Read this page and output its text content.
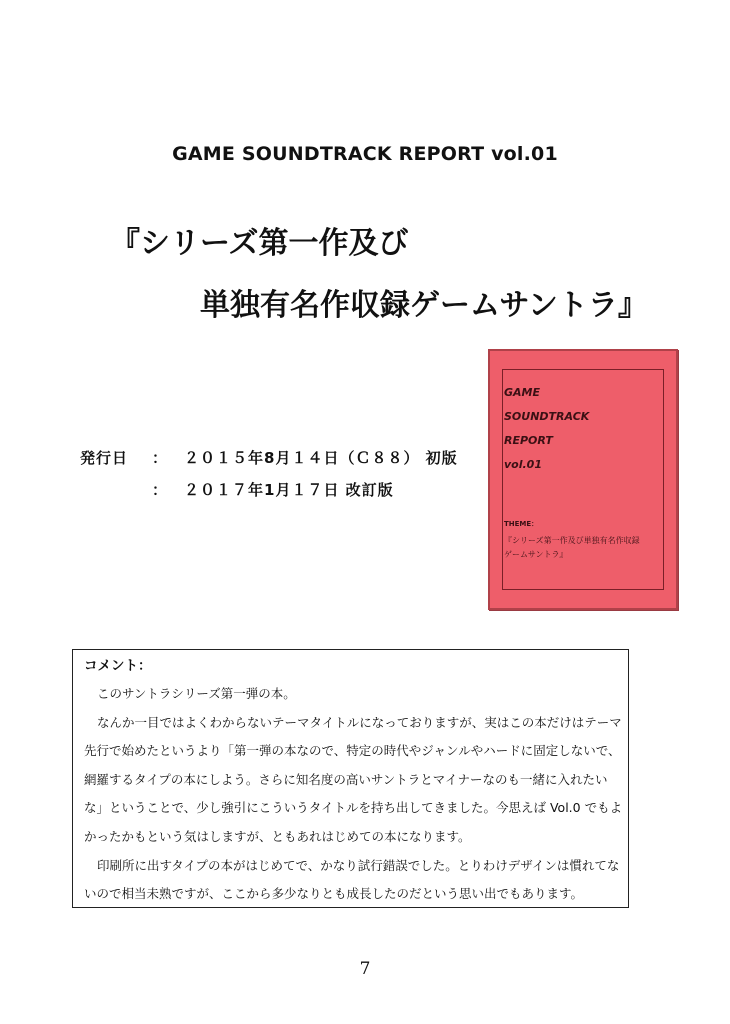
GAME SOUNDTRACK REPORT vol.01
『シリーズ第一作及び
単独有名作収録ゲームサントラ』
発行日 ： ２０１５年8月１４日（Ｃ８８） 初版
： ２０１７年1月１７日 改訂版
GAME
SOUNDTRACK
REPORT
vol.01
THEME：
『シリーズ第一作及び単独有名作収録
ゲームサントラ』
コメント：
このサントラシリーズ第一弾の本。
なんか一目ではよくわからないテーマタイトルになっておりますが、実はこの本だけはテーマ
先行で始めたというより「第一弾の本なので、特定の時代やジャンルやハードに固定しないで、
網羅するタイプの本にしよう。さらに知名度の高いサントラとマイナーなのも一緒に入れたい
な」ということで、少し強引にこういうタイトルを持ち出してきました。今思えば Vol.0 でもよ
かったかもという気はしますが、ともあれはじめての本になります。
印刷所に出すタイプの本がはじめてで、かなり試行錯誤でした。とりわけデザインは慣れてな
いので相当未熟ですが、ここから多少なりとも成長したのだという思い出でもあります。
7
